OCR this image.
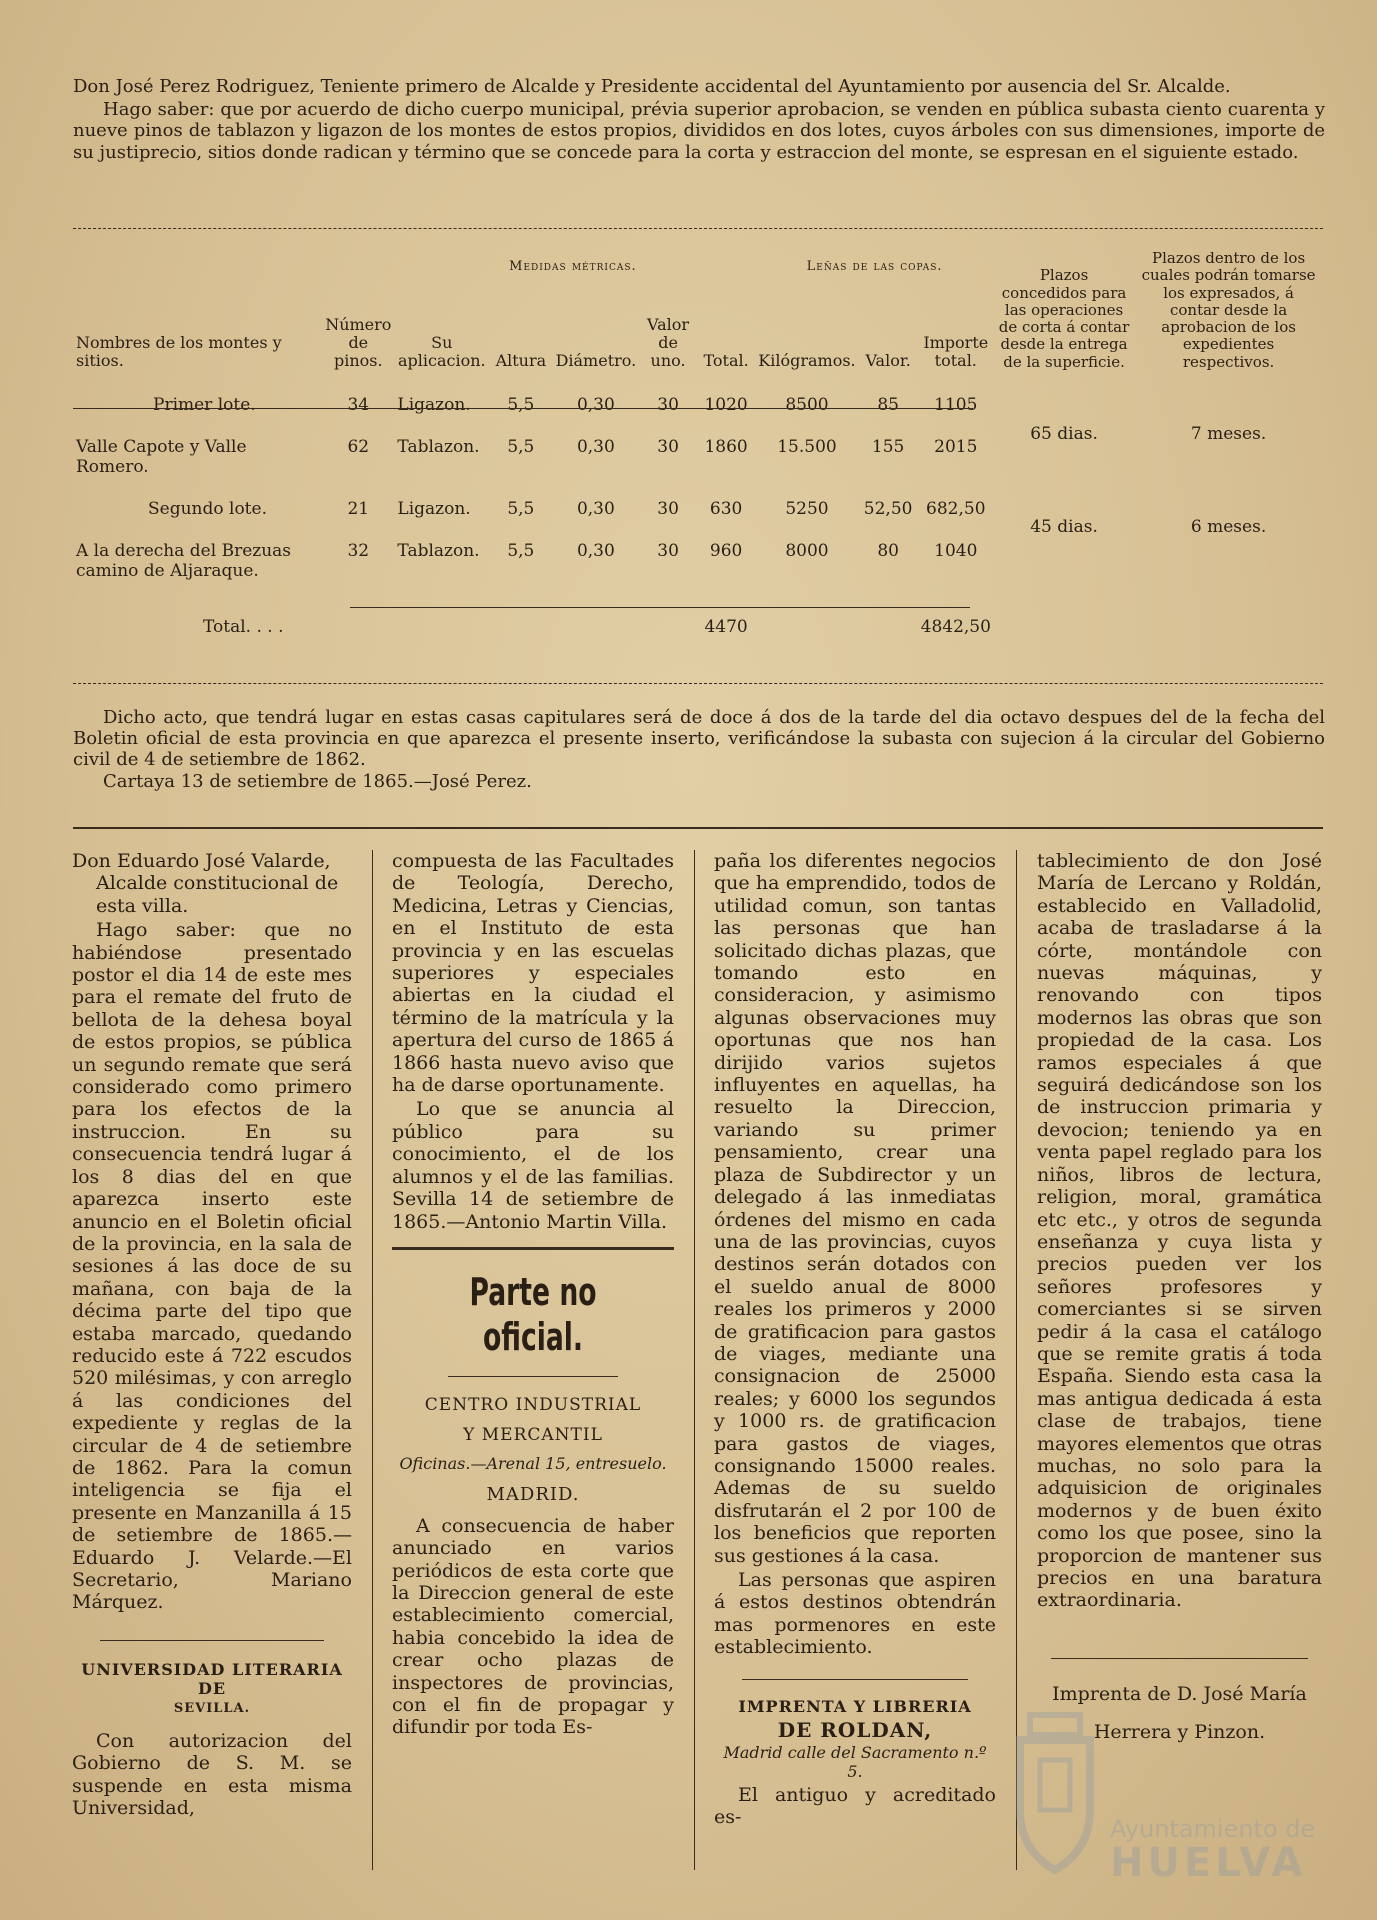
Don José Perez Rodriguez, Teniente primero de Alcalde y Presidente accidental del Ayuntamiento por ausencia del Sr. Alcalde.

Hago saber: que por acuerdo de dicho cuerpo municipal, prévia superior aprobacion, se venden en pública subasta ciento cuarenta y nueve pinos de tablazon y ligazon de los montes de estos propios, divididos en dos lotes, cuyos árboles con sus dimensiones, importe de su justiprecio, sitios donde radican y término que se concede para la corta y estraccion del monte, se espresan en el siguiente estado.

			Medidas métricas.				Leñas de las copas.			Plazos concedidos para las operaciones de corta á contar desde la entrega de la superficie.	Plazos dentro de los cuales podrán tomarse los expresados, á contar desde la aprobacion de los expedientes respectivos.
Nombres de los montes y sitios.	Número de pinos.	Su aplicacion.	Altura	Diámetro.	Valor de uno.	Total.	Kilógramos.	Valor.	Importe total.		
Primer lote.	34	Ligazon.	5,5	0,30	30	1020	8500	85	1105	65 dias.	7 meses.
Valle Capote y Valle Romero.	62	Tablazon.	5,5	0,30	30	1860	15.500	155	2015		
Segundo lote.	21	Ligazon.	5,5	0,30	30	630	5250	52,50	682,50	45 dias.	6 meses.
A la derecha del Brezuas camino de Aljaraque.	32	Tablazon.	5,5	0,30	30	960	8000	80	1040		
Total. . . .						4470			4842,50		

Dicho acto, que tendrá lugar en estas casas capitulares será de doce á dos de la tarde del dia octavo despues del de la fecha del Boletin oficial de esta provincia en que aparezca el presente inserto, verificándose la subasta con sujecion á la circular del Gobierno civil de 4 de setiembre de 1862.

Cartaya 13 de setiembre de 1865.—José Perez.

Don Eduardo José Valarde, Alcalde constitucional de esta villa.

Hago saber: que no habiéndose presentado postor el dia 14 de este mes para el remate del fruto de bellota de la dehesa boyal de estos propios, se pública un segundo remate que será considerado como primero para los efectos de la instruccion. En su consecuencia tendrá lugar á los 8 dias del en que aparezca inserto este anuncio en el Boletin oficial de la provincia, en la sala de sesiones á las doce de su mañana, con baja de la décima parte del tipo que estaba marcado, quedando reducido este á 722 escudos 520 milésimas, y con arreglo á las condiciones del expediente y reglas de la circular de 4 de setiembre de 1862. Para la comun inteligencia se fija el presente en Manzanilla á 15 de setiembre de 1865.—Eduardo J. Velarde.—El Secretario, Mariano Márquez.

UNIVERSIDAD LITERARIA DE

SEVILLA.

Con autorizacion del Gobierno de S. M. se suspende en esta misma Universidad,

compuesta de las Facultades de Teología, Derecho, Medicina, Letras y Ciencias, en el Instituto de esta provincia y en las escuelas superiores y especiales abiertas en la ciudad el término de la matrícula y la apertura del curso de 1865 á 1866 hasta nuevo aviso que ha de darse oportunamente.

Lo que se anuncia al público para su conocimiento, el de los alumnos y el de las familias. Sevilla 14 de setiembre de 1865.—Antonio Martin Villa.

Parte no oficial.

CENTRO INDUSTRIAL

Y MERCANTIL

Oficinas.—Arenal 15, entresuelo.

MADRID.

A consecuencia de haber anunciado en varios periódicos de esta corte que la Direccion general de este establecimiento comercial, habia concebido la idea de crear ocho plazas de inspectores de provincias, con el fin de propagar y difundir por toda Es-

paña los diferentes negocios que ha emprendido, todos de utilidad comun, son tantas las personas que han solicitado dichas plazas, que tomando esto en consideracion, y asimismo algunas observaciones muy oportunas que nos han dirijido varios sujetos influyentes en aquellas, ha resuelto la Direccion, variando su primer pensamiento, crear una plaza de Subdirector y un delegado á las inmediatas órdenes del mismo en cada una de las provincias, cuyos destinos serán dotados con el sueldo anual de 8000 reales los primeros y 2000 de gratificacion para gastos de viages, mediante una consignacion de 25000 reales; y 6000 los segundos y 1000 rs. de gratificacion para gastos de viages, consignando 15000 reales. Ademas de su sueldo disfrutarán el 2 por 100 de los beneficios que reporten sus gestiones á la casa.

Las personas que aspiren á estos destinos obtendrán mas pormenores en este establecimiento.

IMPRENTA Y LIBRERIA

DE ROLDAN,

Madrid calle del Sacramento n.º 5.

El antiguo y acreditado es-

tablecimiento de don José María de Lercano y Roldán, establecido en Valladolid, acaba de trasladarse á la córte, montándole con nuevas máquinas, y renovando con tipos modernos las obras que son propiedad de la casa. Los ramos especiales á que seguirá dedicándose son los de instruccion primaria y devocion; teniendo ya en venta papel reglado para los niños, libros de lectura, religion, moral, gramática etc etc., y otros de segunda enseñanza y cuya lista y precios pueden ver los señores profesores y comerciantes si se sirven pedir á la casa el catálogo que se remite gratis á toda España. Siendo esta casa la mas antigua dedicada á esta clase de trabajos, tiene mayores elementos que otras muchas, no solo para la adquisicion de originales modernos y de buen éxito como los que posee, sino la proporcion de mantener sus precios en una baratura extraordinaria.

Imprenta de D. José María

Herrera y Pinzon.

Ayuntamiento de
HUELVA
